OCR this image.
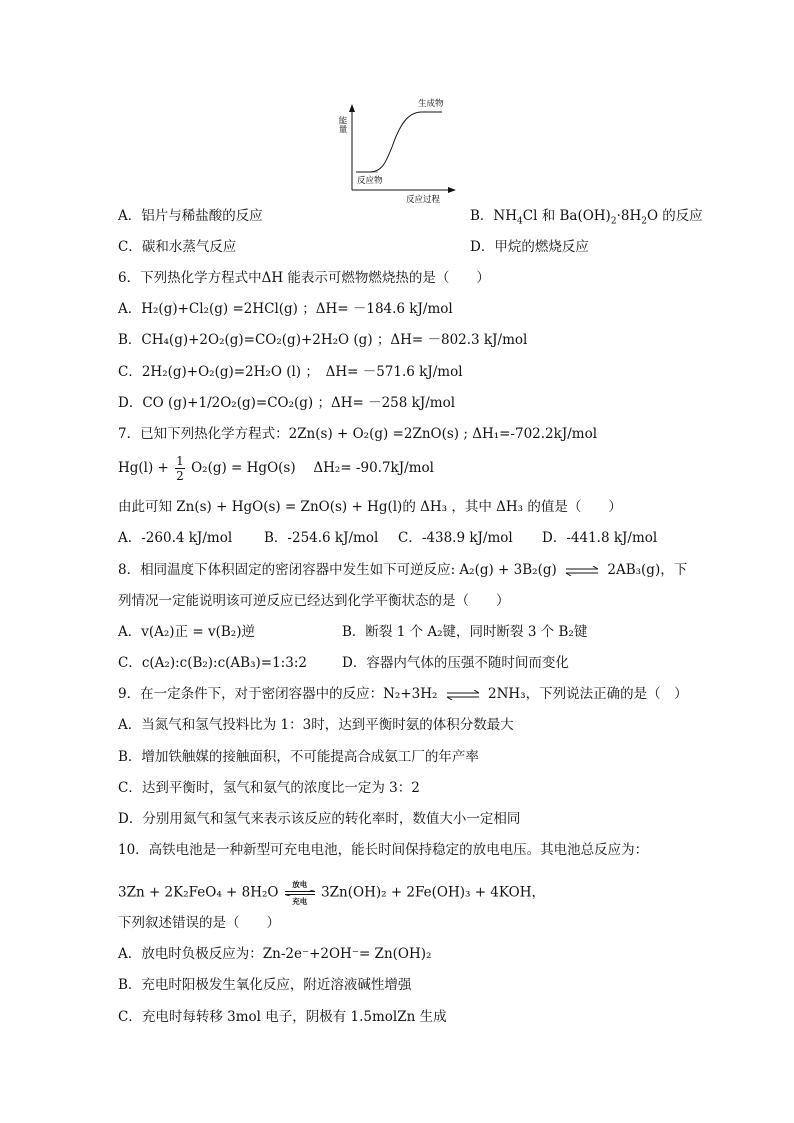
能量
生成物
反应物
反应过程
A．铝片与稀盐酸的反应	B．$NH_4Cl$ 和 $Ba(OH)_2\cdot 8H_2O$ 的反应
C．碳和水蒸气反应	D．甲烷的燃烧反应
6．下列热化学方程式中ΔH 能表示可燃物燃烧热的是（　　）
A．H₂(g)+Cl₂(g) =2HCl(g) ；ΔH= －184.6 kJ/mol
B．CH₄(g)+2O₂(g)=CO₂(g)+2H₂O (g) ；ΔH= －802.3 kJ/mol
C．2H₂(g)+O₂(g)=2H₂O (l) ；　ΔH= －571.6 kJ/mol
D．CO (g)+1/2O₂(g)=CO₂(g) ；ΔH= －258 kJ/mol
7．已知下列热化学方程式：2Zn(s) + O₂(g) =2ZnO(s) ; ΔH₁=-702.2kJ/mol
$Hg(l) + \frac{1}{2} O_2(g) = HgO(s)$　 ΔH₂= -90.7kJ/mol
由此可知 Zn(s) + HgO(s) = ZnO(s) + Hg(l)的 ΔH₃ ，其中 ΔH₃ 的值是（　　）
A．-260.4 kJ/mol B．-254.6 kJ/mol C．-438.9 kJ/mol D．-441.8 kJ/mol
8．相同温度下体积固定的密闭容器中发生如下可逆反应: A₂(g) + 3B₂(g) ⇌ 2AB₃(g)，下
列情况一定能说明该可逆反应已经达到化学平衡状态的是（　　）
A．v(A₂)正 = v(B₂)逆	B．断裂 1 个 A₂键，同时断裂 3 个 B₂键
C．c(A₂):c(B₂):c(AB₃)=1:3:2	D．容器内气体的压强不随时间而变化
9．在一定条件下，对于密闭容器中的反应：N₂+3H₂ ⇌ 2NH₃，下列说法正确的是（　）
A．当氮气和氢气投料比为 1：3时，达到平衡时氨的体积分数最大
B．增加铁触媒的接触面积，不可能提高合成氨工厂的年产率
C．达到平衡时，氢气和氨气的浓度比一定为 3：2
D．分别用氮气和氢气来表示该反应的转化率时，数值大小一定相同
10．高铁电池是一种新型可充电电池，能长时间保持稳定的放电电压。其电池总反应为：
3Zn + 2K₂FeO₄ + 8H₂O	放电
充电
3Zn(OH)₂ + 2Fe(OH)₃ + 4KOH，
下列叙述错误的是（　　）
A．放电时负极反应为：Zn-2e⁻+2OH⁻= Zn(OH)₂
B．充电时阳极发生氧化反应，附近溶液碱性增强
C．充电时每转移 3mol 电子，阴极有 1.5molZn 生成
